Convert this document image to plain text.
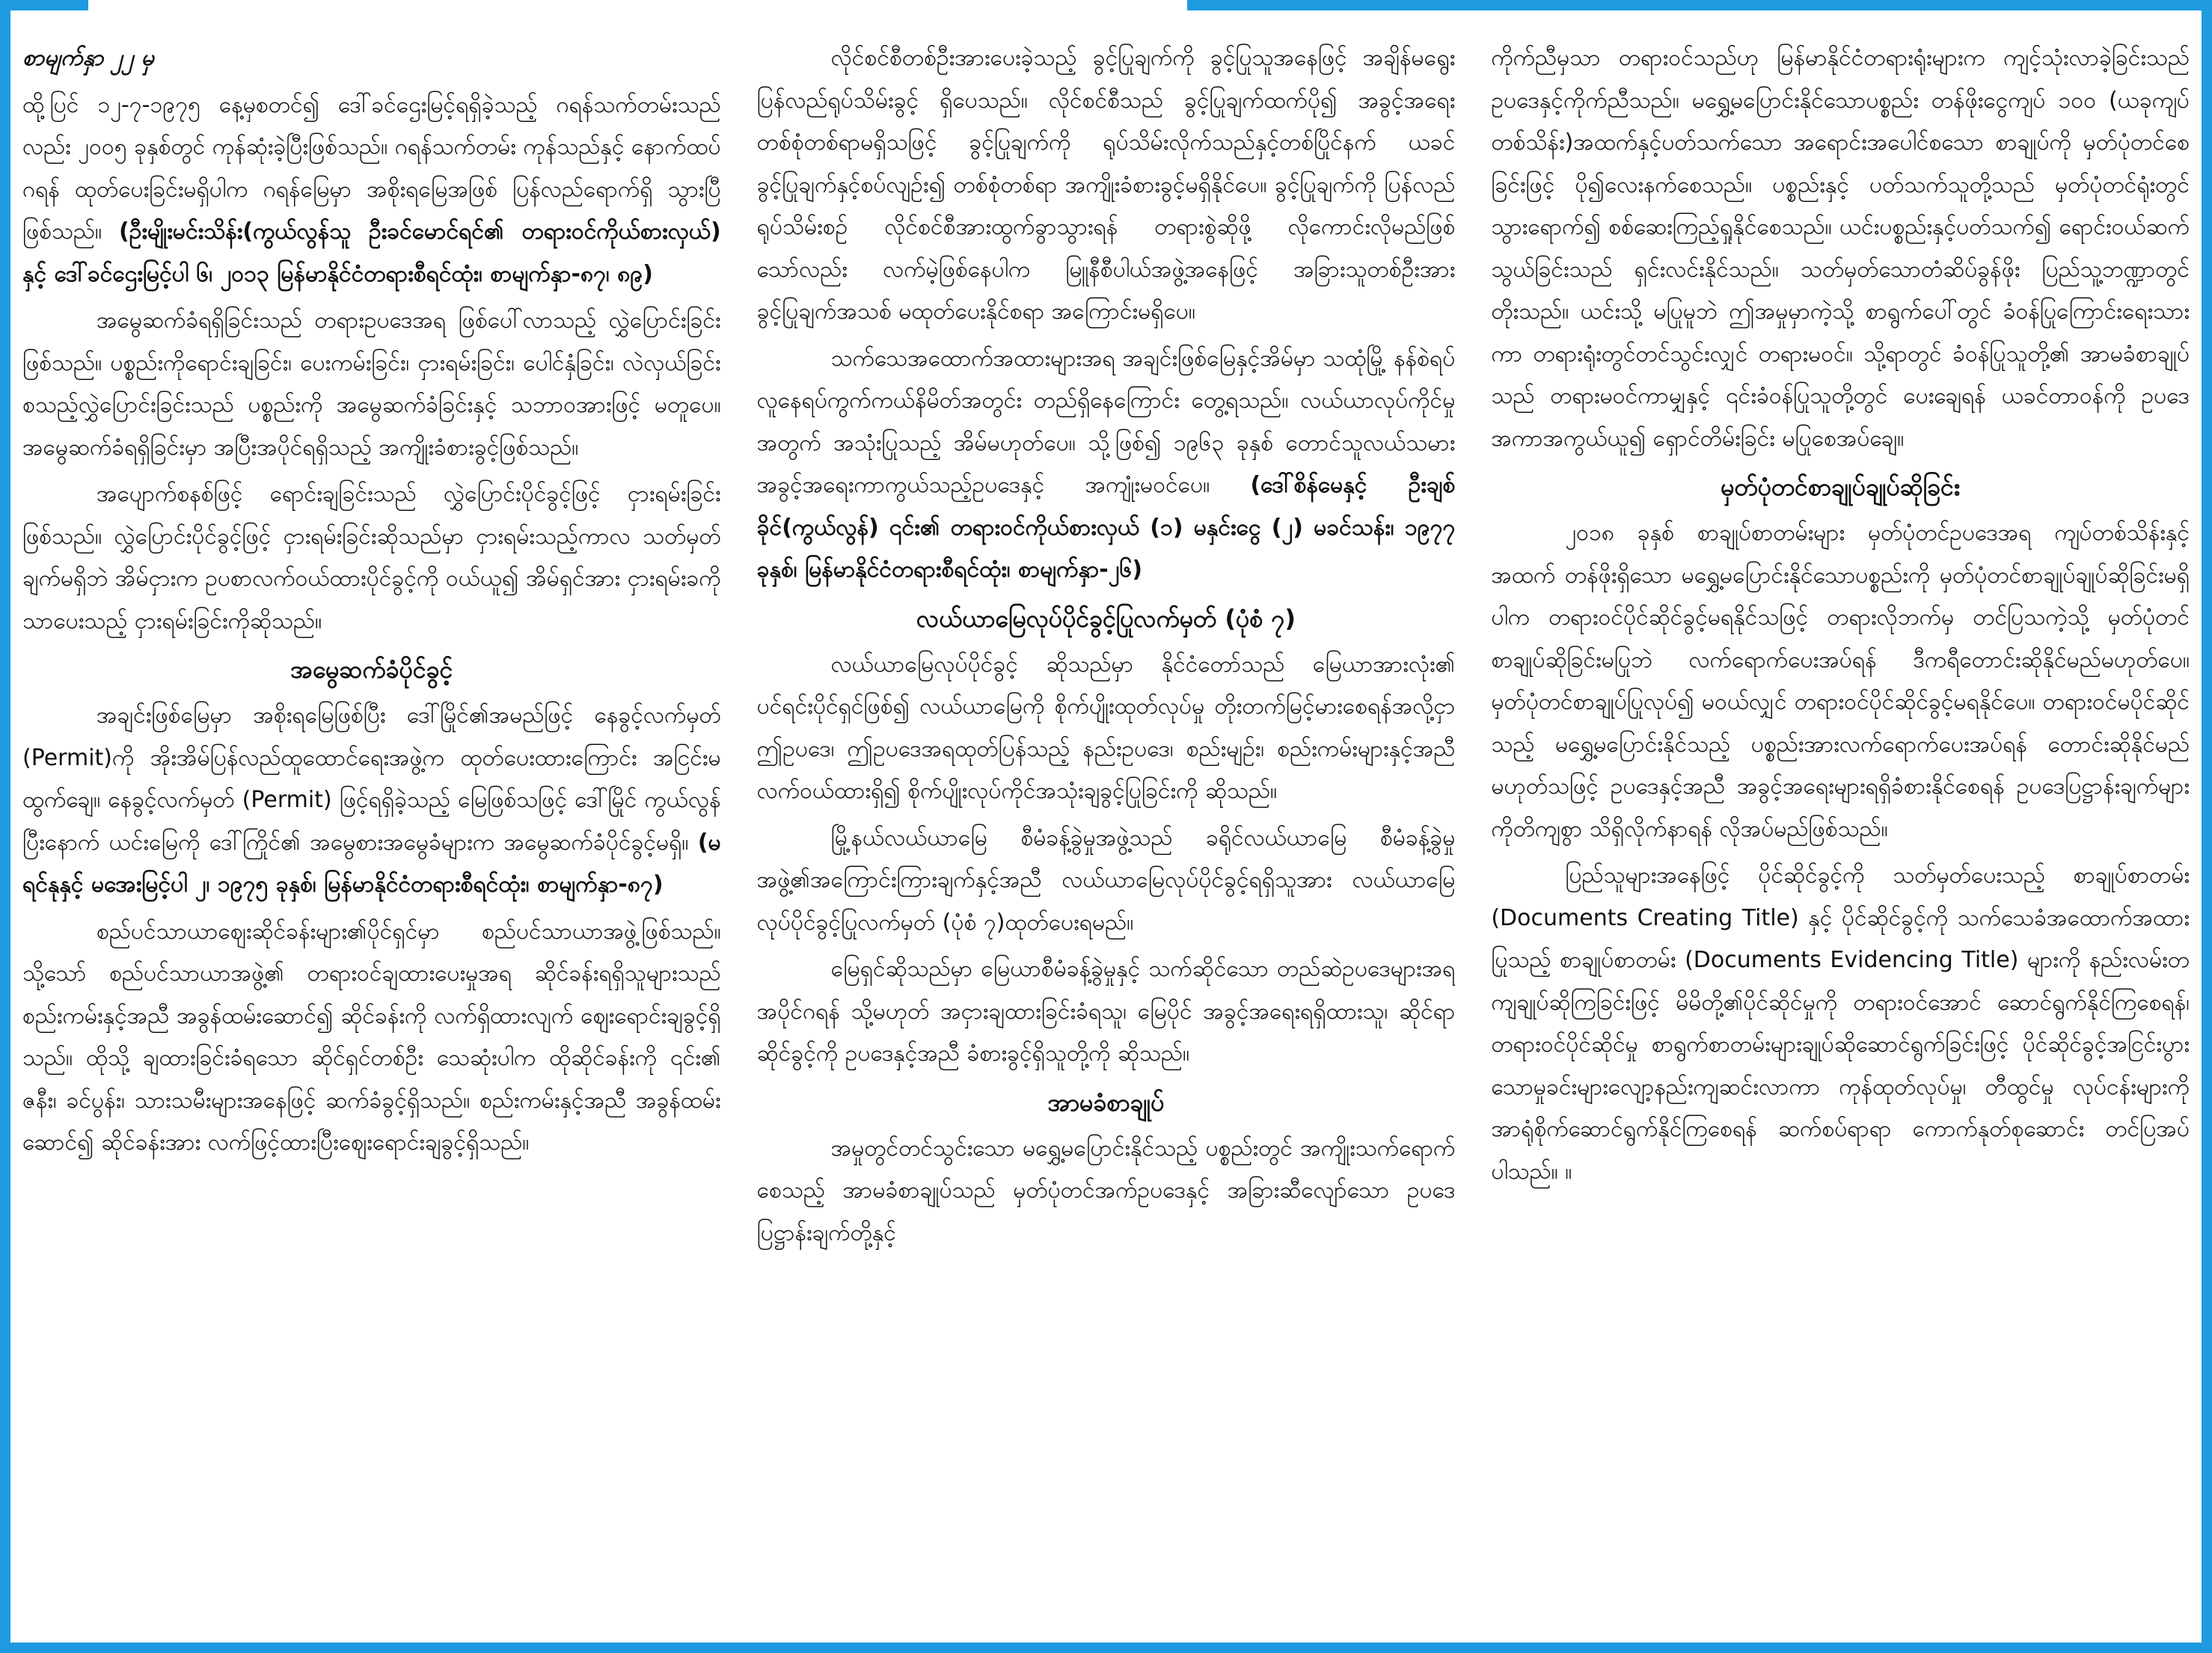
စာမျက်နှာ ၂၂ မှ

ထို့ပြင် ၁၂-၇-၁၉၇၅ နေ့မှစတင်၍ ဒေါ်ခင်ဌေးမြင့်ရရှိခဲ့သည့် ဂရန်သက်တမ်းသည်လည်း ၂၀၀၅ ခုနှစ်တွင် ကုန်ဆုံးခဲ့ပြီးဖြစ်သည်။ ဂရန်သက်တမ်း ကုန်သည်နှင့် နောက်ထပ်ဂရန် ထုတ်ပေးခြင်းမရှိပါက ဂရန်မြေမှာ အစိုးရမြေအဖြစ် ပြန်လည်ရောက်ရှိ သွားပြီဖြစ်သည်။ (ဦးမျိုးမင်းသိန်း(ကွယ်လွန်သူ ဦးခင်မောင်ရင်၏ တရားဝင်ကိုယ်စားလှယ်) နှင့် ဒေါ်ခင်ဌေးမြင့်ပါ ၆၊ ၂၀၁၃ မြန်မာနိုင်ငံတရားစီရင်ထုံး၊ စာမျက်နှာ-၈၇၊ ၈၉)

အမွေဆက်ခံရရှိခြင်းသည် တရားဥပဒေအရ ဖြစ်ပေါ်လာသည့် လွှဲပြောင်းခြင်းဖြစ်သည်။ ပစ္စည်းကိုရောင်းချခြင်း၊ ပေးကမ်းခြင်း၊ ငှားရမ်းခြင်း၊ ပေါင်နှံခြင်း၊ လဲလှယ်ခြင်း စသည့်လွှဲပြောင်းခြင်းသည် ပစ္စည်းကို အမွေဆက်ခံခြင်းနှင့် သဘာဝအားဖြင့် မတူပေ။ အမွေဆက်ခံရရှိခြင်းမှာ အပြီးအပိုင်ရရှိသည့် အကျိုးခံစားခွင့်ဖြစ်သည်။

အပျောက်စနစ်ဖြင့် ရောင်းချခြင်းသည် လွှဲပြောင်းပိုင်ခွင့်ဖြင့် ငှားရမ်းခြင်း ဖြစ်သည်။ လွှဲပြောင်းပိုင်ခွင့်ဖြင့် ငှားရမ်းခြင်းဆိုသည်မှာ ငှားရမ်းသည့်ကာလ သတ်မှတ်ချက်မရှိဘဲ အိမ်ငှားက ဥပစာလက်ဝယ်ထားပိုင်ခွင့်ကို ဝယ်ယူ၍ အိမ်ရှင်အား ငှားရမ်းခကိုသာပေးသည့် ငှားရမ်းခြင်းကိုဆိုသည်။

အမွေဆက်ခံပိုင်ခွင့်

အချင်းဖြစ်မြေမှာ အစိုးရမြေဖြစ်ပြီး ဒေါ်မြိုင်၏အမည်ဖြင့် နေခွင့်လက်မှတ် (Permit)ကို အိုးအိမ်ပြန်လည်ထူထောင်ရေးအဖွဲ့က ထုတ်ပေးထားကြောင်း အငြင်းမထွက်ချေ။ နေခွင့်လက်မှတ် (Permit) ဖြင့်ရရှိခဲ့သည့် မြေဖြစ်သဖြင့် ဒေါ်မြိုင် ကွယ်လွန်ပြီးနောက် ယင်းမြေကို ဒေါ်ကြိုင်၏ အမွေစားအမွေခံများက အမွေဆက်ခံပိုင်ခွင့်မရှိ။ (မရင်နုနှင့် မအေးမြင့်ပါ ၂၊ ၁၉၇၅ ခုနှစ်၊ မြန်မာနိုင်ငံတရားစီရင်ထုံး၊ စာမျက်နှာ-၈၇)

စည်ပင်သာယာဈေးဆိုင်ခန်းများ၏ပိုင်ရှင်မှာ စည်ပင်သာယာအဖွဲ့ဖြစ်သည်။ သို့သော် စည်ပင်သာယာအဖွဲ့၏ တရားဝင်ချထားပေးမှုအရ ဆိုင်ခန်းရရှိသူများသည် စည်းကမ်းနှင့်အညီ အခွန်ထမ်းဆောင်၍ ဆိုင်ခန်းကို လက်ရှိထားလျက် ဈေးရောင်းချခွင့်ရှိသည်။ ထိုသို့ ချထားခြင်းခံရသော ဆိုင်ရှင်တစ်ဦး သေဆုံးပါက ထိုဆိုင်ခန်းကို ၎င်း၏ ဇနီး၊ ခင်ပွန်း၊ သားသမီးများအနေဖြင့် ဆက်ခံခွင့်ရှိသည်။ စည်းကမ်းနှင့်အညီ အခွန်ထမ်းဆောင်၍ ဆိုင်ခန်းအား လက်ဖြင့်ထားပြီးဈေးရောင်းချခွင့်ရှိသည်။

လိုင်စင်စီတစ်ဦးအားပေးခဲ့သည့် ခွင့်ပြုချက်ကို ခွင့်ပြုသူအနေဖြင့် အချိန်မရွေး ပြန်လည်ရုပ်သိမ်းခွင့် ရှိပေသည်။ လိုင်စင်စီသည် ခွင့်ပြုချက်ထက်ပို၍ အခွင့်အရေးတစ်စုံတစ်ရာမရှိသဖြင့် ခွင့်ပြုချက်ကို ရုပ်သိမ်းလိုက်သည်နှင့်တစ်ပြိုင်နက် ယခင်ခွင့်ပြုချက်နှင့်စပ်လျဉ်း၍ တစ်စုံတစ်ရာ အကျိုးခံစားခွင့်မရှိနိုင်ပေ။ ခွင့်ပြုချက်ကို ပြန်လည်ရုပ်သိမ်းစဉ် လိုင်စင်စီအားထွက်ခွာသွားရန် တရားစွဲဆိုဖို့ လိုကောင်းလိုမည်ဖြစ်သော်လည်း လက်မဲ့ဖြစ်နေပါက မြူနီစီပါယ်အဖွဲ့အနေဖြင့် အခြားသူတစ်ဦးအား ခွင့်ပြုချက်အသစ် မထုတ်ပေးနိုင်စရာ အကြောင်းမရှိပေ။

သက်သေအထောက်အထားများအရ အချင်းဖြစ်မြေနှင့်အိမ်မှာ သထုံမြို့ နန်စဲရပ် လူနေရပ်ကွက်ကယ်နိမိတ်အတွင်း တည်ရှိနေကြောင်း တွေ့ရသည်။ လယ်ယာလုပ်ကိုင်မှုအတွက် အသုံးပြုသည့် အိမ်မဟုတ်ပေ။ သို့ဖြစ်၍ ၁၉၆၃ ခုနှစ် တောင်သူလယ်သမားအခွင့်အရေးကာကွယ်သည့်ဥပဒေနှင့် အကျုံးမဝင်ပေ။ (ဒေါ်စိန်မေနှင့် ဦးချစ်ခိုင်(ကွယ်လွန်) ၎င်း၏ တရားဝင်ကိုယ်စားလှယ် (၁) မနှင်းငွေ (၂) မခင်သန်း၊ ၁၉၇၇ ခုနှစ်၊ မြန်မာနိုင်ငံတရားစီရင်ထုံး၊ စာမျက်နှာ-၂၆)

လယ်ယာမြေလုပ်ပိုင်ခွင့်ပြုလက်မှတ် (ပုံစံ ၇)

လယ်ယာမြေလုပ်ပိုင်ခွင့် ဆိုသည်မှာ နိုင်ငံတော်သည် မြေယာအားလုံး၏ ပင်ရင်းပိုင်ရှင်ဖြစ်၍ လယ်ယာမြေကို စိုက်ပျိုးထုတ်လုပ်မှု တိုးတက်မြင့်မားစေရန်အလို့ငှာ ဤဥပဒေ၊ ဤဥပဒေအရထုတ်ပြန်သည့် နည်းဥပဒေ၊ စည်းမျဉ်း၊ စည်းကမ်းများနှင့်အညီ လက်ဝယ်ထားရှိ၍ စိုက်ပျိုးလုပ်ကိုင်အသုံးချခွင့်ပြုခြင်းကို ဆိုသည်။

မြို့နယ်လယ်ယာမြေ စီမံခန့်ခွဲမှုအဖွဲ့သည် ခရိုင်လယ်ယာမြေ စီမံခန့်ခွဲမှုအဖွဲ့၏အကြောင်းကြားချက်နှင့်အညီ လယ်ယာမြေလုပ်ပိုင်ခွင့်ရရှိသူအား လယ်ယာမြေလုပ်ပိုင်ခွင့်ပြုလက်မှတ် (ပုံစံ ၇)ထုတ်ပေးရမည်။

မြေရှင်ဆိုသည်မှာ မြေယာစီမံခန့်ခွဲမှုနှင့် သက်ဆိုင်သော တည်ဆဲဥပဒေများအရ အပိုင်ဂရန် သို့မဟုတ် အငှားချထားခြင်းခံရသူ၊ မြေပိုင် အခွင့်အရေးရရှိထားသူ၊ ဆိုင်ရာဆိုင်ခွင့်ကို ဥပဒေနှင့်အညီ ခံစားခွင့်ရှိသူတို့ကို ဆိုသည်။

အာမခံစာချုပ်

အမှုတွင်တင်သွင်းသော မရွှေ့မပြောင်းနိုင်သည့် ပစ္စည်းတွင် အကျိုးသက်ရောက်စေသည့် အာမခံစာချုပ်သည် မှတ်ပုံတင်အက်ဥပဒေနှင့် အခြားဆီလျော်သော ဥပဒေပြဋ္ဌာန်းချက်တို့နှင့်

ကိုက်ညီမှသာ တရားဝင်သည်ဟု မြန်မာနိုင်ငံတရားရုံးများက ကျင့်သုံးလာခဲ့ခြင်းသည် ဥပဒေနှင့်ကိုက်ညီသည်။ မရွှေ့မပြောင်းနိုင်သောပစ္စည်း တန်ဖိုးငွေကျပ် ၁၀၀ (ယခုကျပ်တစ်သိန်း)အထက်နှင့်ပတ်သက်သော အရောင်းအပေါင်စသော စာချုပ်ကို မှတ်ပုံတင်စေခြင်းဖြင့် ပို၍လေးနက်စေသည်။ ပစ္စည်းနှင့် ပတ်သက်သူတို့သည် မှတ်ပုံတင်ရုံးတွင် သွားရောက်၍ စစ်ဆေးကြည့်ရှုနိုင်စေသည်။ ယင်းပစ္စည်းနှင့်ပတ်သက်၍ ရောင်းဝယ်ဆက်သွယ်ခြင်းသည် ရှင်းလင်းနိုင်သည်။ သတ်မှတ်သောတံဆိပ်ခွန်ဖိုး ပြည်သူ့ဘဏ္ဍာတွင် တိုးသည်။ ယင်းသို့ မပြုမူဘဲ ဤအမှုမှာကဲ့သို့ စာရွက်ပေါ်တွင် ခံဝန်ပြုကြောင်းရေးသားကာ တရားရုံးတွင်တင်သွင်းလျှင် တရားမဝင်။ သို့ရာတွင် ခံဝန်ပြုသူတို့၏ အာမခံစာချုပ်သည် တရားမဝင်ကာမျှနှင့် ၎င်းခံဝန်ပြုသူတို့တွင် ပေးချေရန် ယခင်တာဝန်ကို ဥပဒေအကာအကွယ်ယူ၍ ရှောင်တိမ်းခြင်း မပြုစေအပ်ချေ။

မှတ်ပုံတင်စာချုပ်ချုပ်ဆိုခြင်း

၂၀၁၈ ခုနှစ် စာချုပ်စာတမ်းများ မှတ်ပုံတင်ဥပဒေအရ ကျပ်တစ်သိန်းနှင့်အထက် တန်ဖိုးရှိသော မရွှေ့မပြောင်းနိုင်သောပစ္စည်းကို မှတ်ပုံတင်စာချုပ်ချုပ်ဆိုခြင်းမရှိပါက တရားဝင်ပိုင်ဆိုင်ခွင့်မရနိုင်သဖြင့် တရားလိုဘက်မှ တင်ပြသကဲ့သို့ မှတ်ပုံတင်စာချုပ်ဆိုခြင်းမပြုဘဲ လက်ရောက်ပေးအပ်ရန် ဒီကရီတောင်းဆိုနိုင်မည်မဟုတ်ပေ။ မှတ်ပုံတင်စာချုပ်ပြုလုပ်၍ မဝယ်လျှင် တရားဝင်ပိုင်ဆိုင်ခွင့်မရနိုင်ပေ။ တရားဝင်မပိုင်ဆိုင်သည့် မရွှေ့မပြောင်းနိုင်သည့် ပစ္စည်းအားလက်ရောက်ပေးအပ်ရန် တောင်းဆိုနိုင်မည်မဟုတ်သဖြင့် ဥပဒေနှင့်အညီ အခွင့်အရေးများရရှိခံစားနိုင်စေရန် ဥပဒေပြဋ္ဌာန်းချက်များကိုတိကျစွာ သိရှိလိုက်နာရန် လိုအပ်မည်ဖြစ်သည်။

ပြည်သူများအနေဖြင့် ပိုင်ဆိုင်ခွင့်ကို သတ်မှတ်ပေးသည့် စာချုပ်စာတမ်း (Documents Creating Title) နှင့် ပိုင်ဆိုင်ခွင့်ကို သက်သေခံအထောက်အထားပြုသည့် စာချုပ်စာတမ်း (Documents Evidencing Title) များကို နည်းလမ်းတကျချုပ်ဆိုကြခြင်းဖြင့် မိမိတို့၏ပိုင်ဆိုင်မှုကို တရားဝင်အောင် ဆောင်ရွက်နိုင်ကြစေရန်၊ တရားဝင်ပိုင်ဆိုင်မှု စာရွက်စာတမ်းများချုပ်ဆိုဆောင်ရွက်ခြင်းဖြင့် ပိုင်ဆိုင်ခွင့်အငြင်းပွားသောမှုခင်းများလျော့နည်းကျဆင်းလာကာ ကုန်ထုတ်လုပ်မှု၊ တီထွင်မှု လုပ်ငန်းများကို အာရုံစိုက်ဆောင်ရွက်နိုင်ကြစေရန် ဆက်စပ်ရာရာ ကောက်နုတ်စုဆောင်း တင်ပြအပ်ပါသည်။ ။
